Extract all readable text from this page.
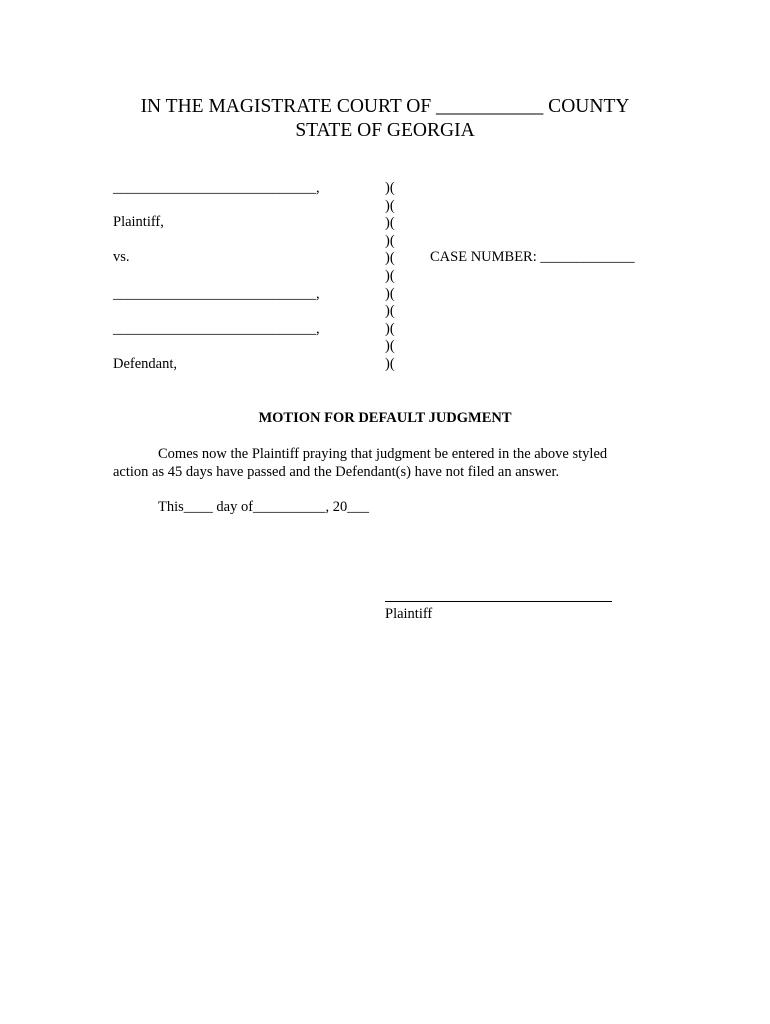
IN THE MAGISTRATE COURT OF ___________ COUNTY
STATE OF GEORGIA
____________________________,
Plaintiff,
vs.
____________________________,
____________________________,
Defendant,
)(
)(
)(
)(
)(
)(
)(
)(
)(
)(
)(
CASE NUMBER: _____________
MOTION FOR DEFAULT JUDGMENT
Comes now the Plaintiff praying that judgment be entered in the above styled
action as 45 days have passed and the Defendant(s) have not filed an answer.
This____ day of__________, 20___
Plaintiff
